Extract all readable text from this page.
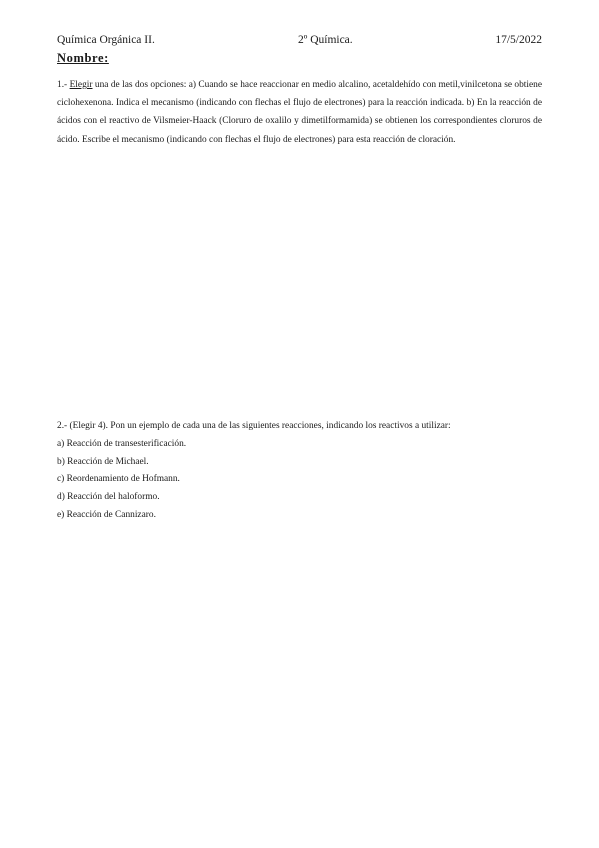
Química Orgánica II.	2º Química.	17/5/2022
Nombre:
1.- Elegir una de las dos opciones: a) Cuando se hace reaccionar en medio alcalino, acetaldehído con metil,vinilcetona se obtiene ciclohexenona. Indica el mecanismo (indicando con flechas el flujo de electrones) para la reacción indicada. b) En la reacción de ácidos con el reactivo de Vilsmeier-Haack (Cloruro de oxalilo y dimetilformamida) se obtienen los correspondientes cloruros de ácido. Escribe el mecanismo (indicando con flechas el flujo de electrones) para esta reacción de cloración.

2.- (Elegir 4). Pon un ejemplo de cada una de las siguientes reacciones, indicando los reactivos a utilizar:

a) Reacción de transesterificación.

b) Reacción de Michael.

c) Reordenamiento de Hofmann.

d) Reacción del haloformo.

e) Reacción de Cannizaro.
